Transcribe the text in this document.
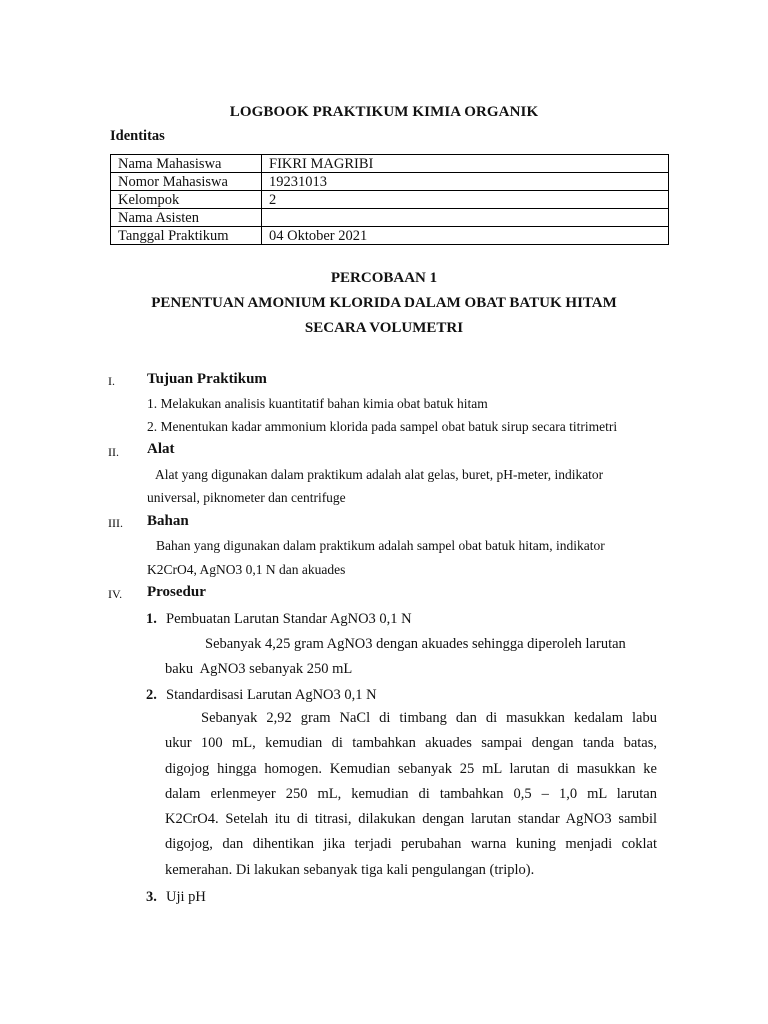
LOGBOOK PRAKTIKUM KIMIA ORGANIK
Identitas
Nama Mahasiswa	FIKRI MAGRIBI
Nomor Mahasiswa	19231013
Kelompok	2
Nama Asisten	
Tanggal Praktikum	04 Oktober 2021
PERCOBAAN 1
PENENTUAN AMONIUM KLORIDA DALAM OBAT BATUK HITAM
SECARA VOLUMETRI
I. Tujuan Praktikum
1. Melakukan analisis kuantitatif bahan kimia obat batuk hitam
2. Menentukan kadar ammonium klorida pada sampel obat batuk sirup secara titrimetri
II. Alat
Alat yang digunakan dalam praktikum adalah alat gelas, buret, pH-meter, indikator
universal, piknometer dan centrifuge
III. Bahan
Bahan yang digunakan dalam praktikum adalah sampel obat batuk hitam, indikator
K2CrO4, AgNO3 0,1 N dan akuades
IV. Prosedur
1. Pembuatan Larutan Standar AgNO3 0,1 N
Sebanyak 4,25 gram AgNO3 dengan akuades sehingga diperoleh larutan
baku  AgNO3 sebanyak 250 mL
2. Standardisasi Larutan AgNO3 0,1 N
Sebanyak 2,92 gram NaCl di timbang dan di masukkan kedalam labu
ukur 100 mL, kemudian di tambahkan akuades sampai dengan tanda batas,
digojog hingga homogen. Kemudian sebanyak 25 mL larutan di masukkan ke
dalam erlenmeyer 250 mL, kemudian di tambahkan 0,5 – 1,0 mL larutan
K2CrO4. Setelah itu di titrasi, dilakukan dengan larutan standar AgNO3 sambil
digojog, dan dihentikan jika terjadi perubahan warna kuning menjadi coklat
kemerahan. Di lakukan sebanyak tiga kali pengulangan (triplo).
3. Uji pH
